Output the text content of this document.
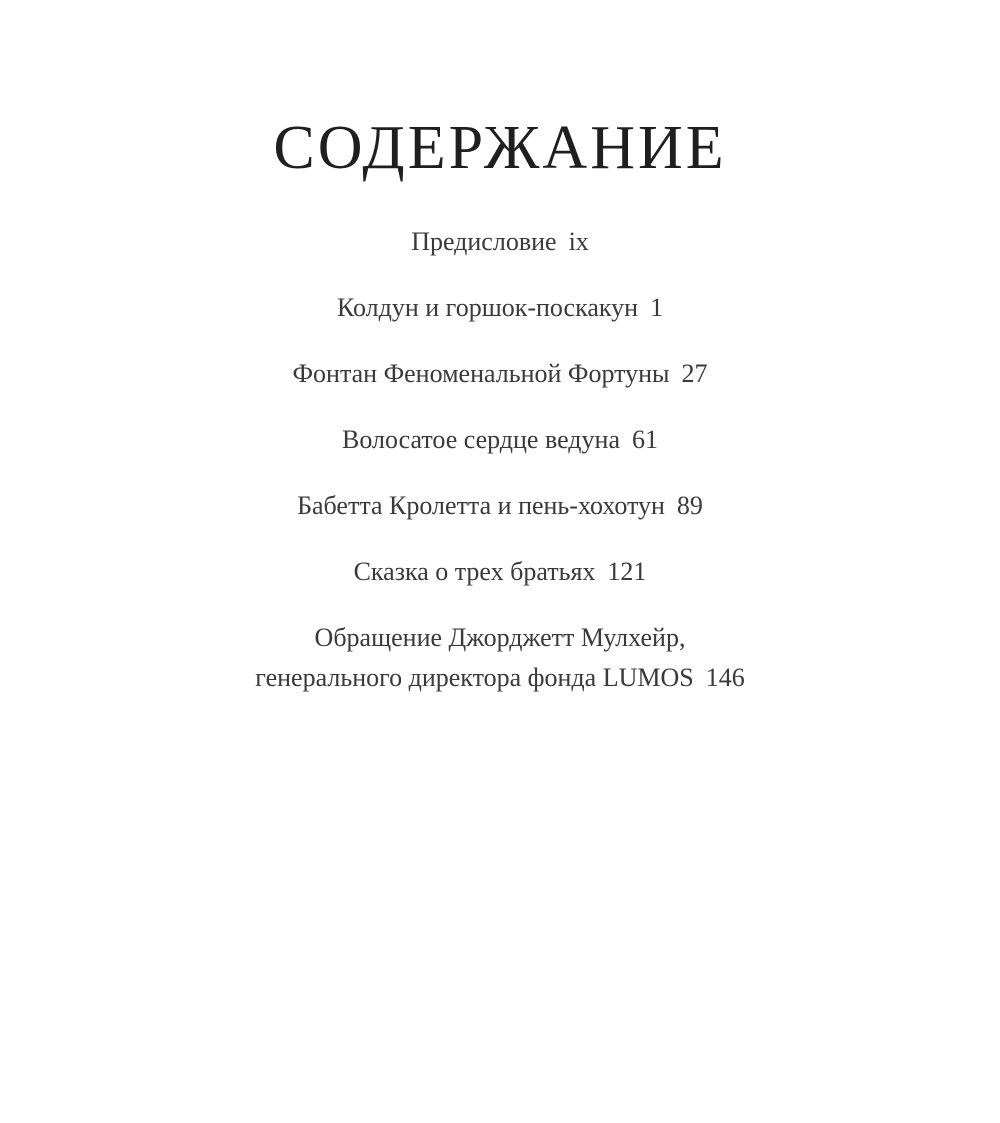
СОДЕРЖАНИЕ
Предисловие ix
Колдун и горшок-поскакун 1
Фонтан Феноменальной Фортуны 27
Волосатое сердце ведуна 61
Бабетта Кролетта и пень-хохотун 89
Сказка о трех братьях 121
Обращение Джорджетт Мулхейр,
генерального директора фонда LUMOS 146
